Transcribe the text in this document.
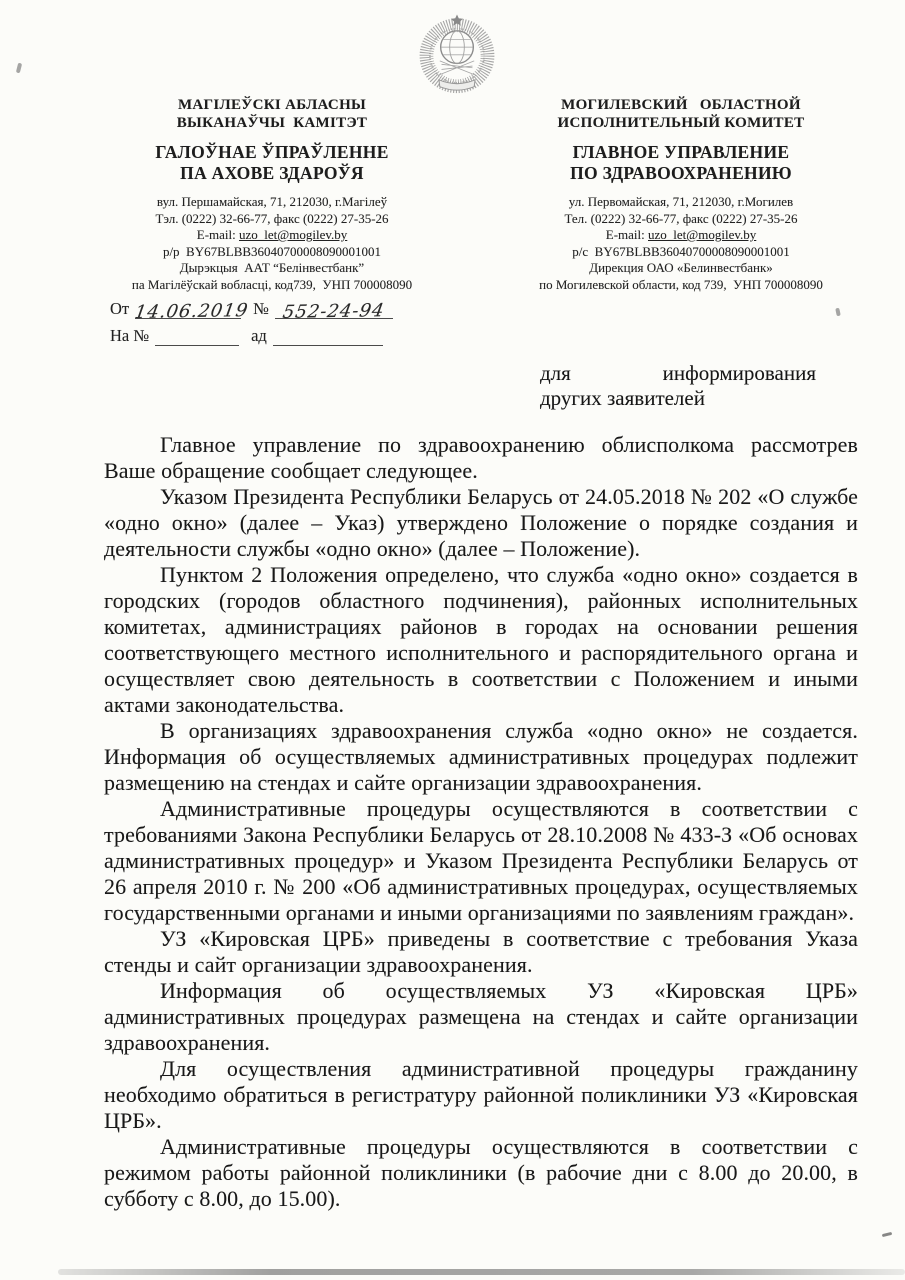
МАГІЛЕЎСКІ АБЛАСНЫ
ВЫКАНАЎЧЫ  КАМІТЭТ
ГАЛОЎНАЕ ЎПРАЎЛЕННЕ
ПА АХОВЕ ЗДАРОЎЯ
вул. Першамайская, 71, 212030, г.Магілеў
Тэл. (0222) 32-66-77, факс (0222) 27-35-26
E-mail: uzo_let@mogilev.by
р/р  BY67BLBB36040700008090001001
Дырэкцыя  ААТ “Белінвестбанк”
па Магілёўскай вобласці, код739,  УНП 700008090
МОГИЛЕВСКИЙ   ОБЛАСТНОЙ
ИСПОЛНИТЕЛЬНЫЙ КОМИТЕТ
ГЛАВНОЕ УПРАВЛЕНИЕ
ПО ЗДРАВООХРАНЕНИЮ
ул. Первомайская, 71, 212030, г.Могилев
Тел. (0222) 32-66-77, факс (0222) 27-35-26
E-mail: uzo_let@mogilev.by
р/с  BY67BLBB36040700008090001001
Дирекция ОАО «Белинвестбанк»
по Могилевской области, код 739,  УНП 700008090
От 14.06.2019 № 552-24-94
На №	ад
для информирования
других заявителей

Главное управление по здравоохранению облисполкома рассмотрев Ваше обращение сообщает следующее.

Указом Президента Республики Беларусь от 24.05.2018 № 202 «О службе «одно окно» (далее – Указ) утверждено Положение о порядке создания и деятельности службы «одно окно» (далее – Положение).

Пунктом 2 Положения определено, что служба «одно окно» создается в городских (городов областного подчинения), районных исполнительных комитетах, администрациях районов в городах на основании решения соответствующего местного исполнительного и распорядительного органа и осуществляет свою деятельность в соответствии с Положением и иными актами законодательства.

В организациях здравоохранения служба «одно окно» не создается. Информация об осуществляемых административных процедурах подлежит размещению на стендах и сайте организации здравоохранения.

Административные процедуры осуществляются в соответствии с требованиями Закона Республики Беларусь от 28.10.2008 № 433-З «Об основах административных процедур» и Указом Президента Республики Беларусь от 26 апреля 2010 г. № 200 «Об административных процедурах, осуществляемых государственными органами и иными организациями по заявлениям граждан».

УЗ «Кировская ЦРБ» приведены в соответствие с требования Указа стенды и сайт организации здравоохранения.

Информация об осуществляемых УЗ «Кировская ЦРБ» административных процедурах размещена на стендах и сайте организации здравоохранения.

Для осуществления административной процедуры гражданину необходимо обратиться в регистратуру районной поликлиники УЗ «Кировская ЦРБ».

Административные процедуры осуществляются в соответствии с режимом работы районной поликлиники (в рабочие дни с 8.00 до 20.00, в субботу с 8.00, до 15.00).
